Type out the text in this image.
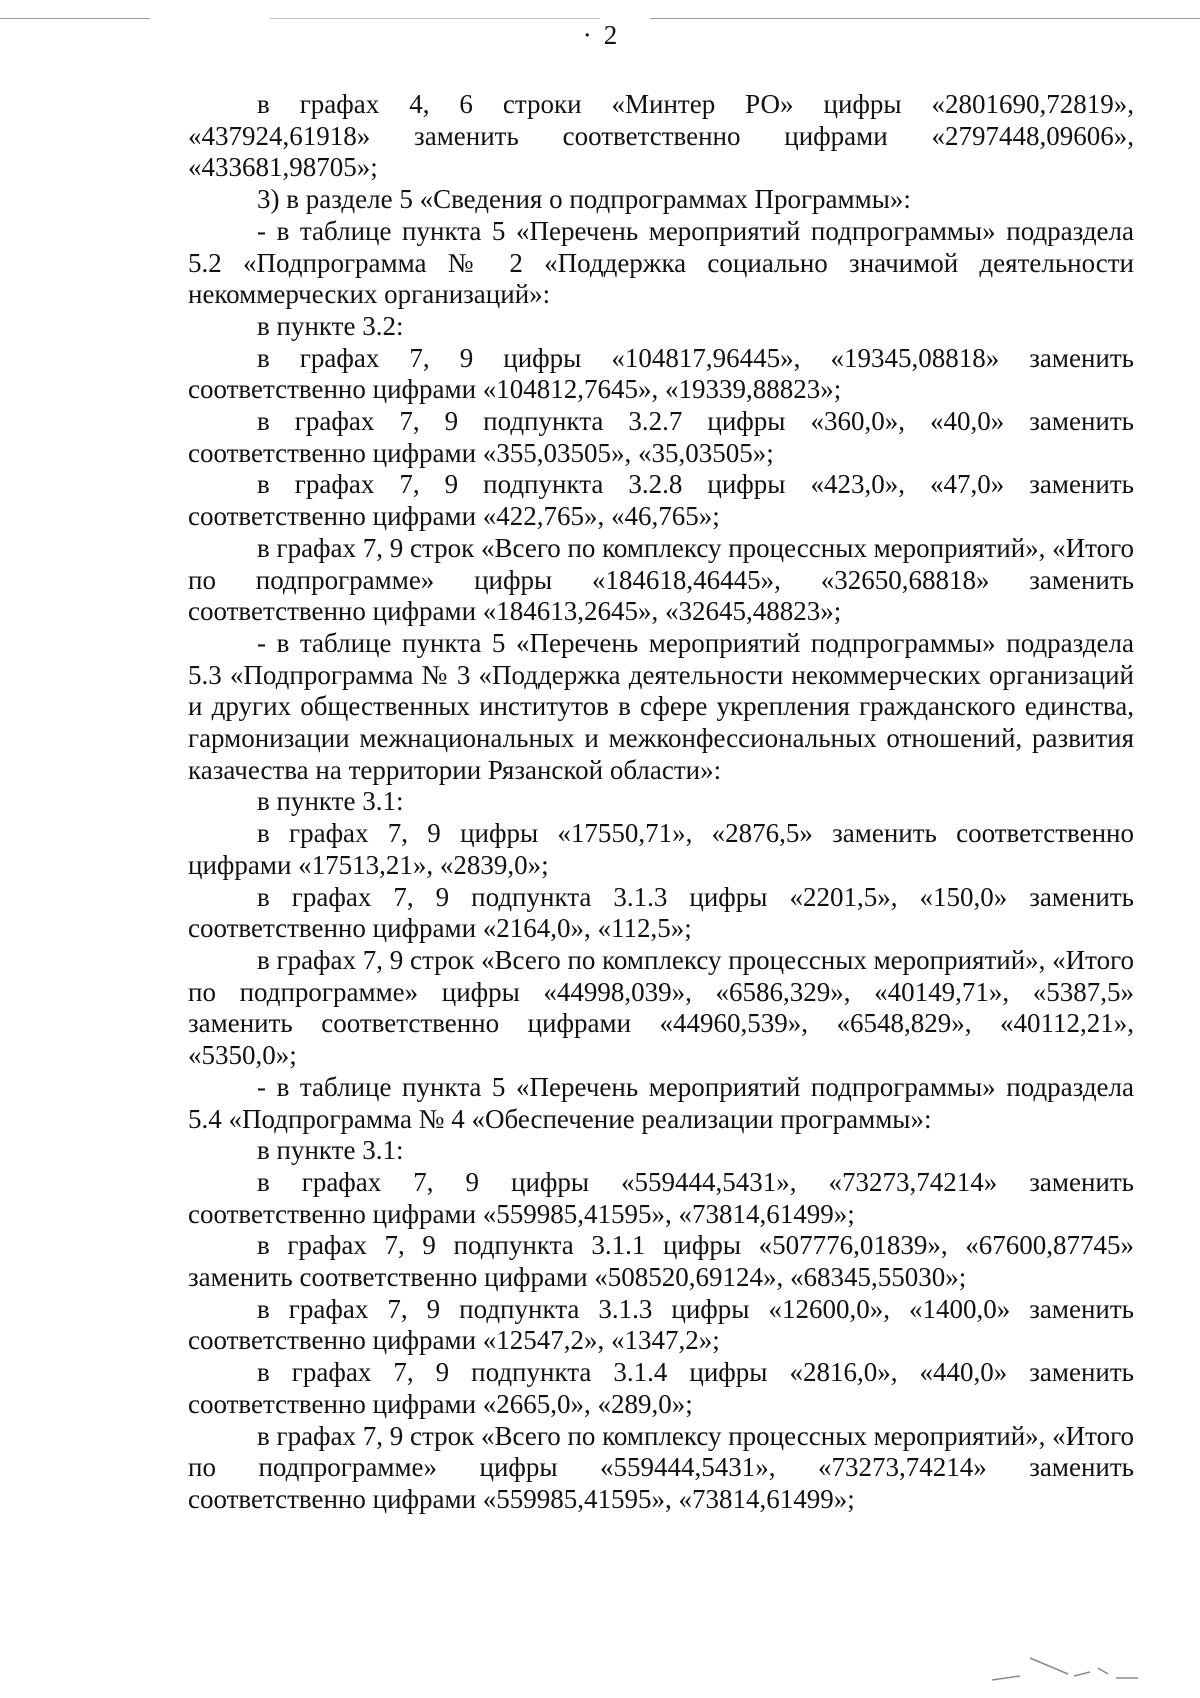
· 2

в графах 4, 6 строки «Минтер РО» цифры «2801690,72819», «437924,61918» заменить соответственно цифрами «2797448,09606», «433681,98705»;

3) в разделе 5 «Сведения о подпрограммах Программы»:

- в таблице пункта 5 «Перечень мероприятий подпрограммы» подраздела 5.2 «Подпрограмма № 2 «Поддержка социально значимой деятельности некоммерческих организаций»:

в пункте 3.2:

в графах 7, 9 цифры «104817,96445», «19345,08818» заменить соответственно цифрами «104812,7645», «19339,88823»;

в графах 7, 9 подпункта 3.2.7 цифры «360,0», «40,0» заменить соответственно цифрами «355,03505», «35,03505»;

в графах 7, 9 подпункта 3.2.8 цифры «423,0», «47,0» заменить соответственно цифрами «422,765», «46,765»;

в графах 7, 9 строк «Всего по комплексу процессных мероприятий», «Итого по подпрограмме» цифры «184618,46445», «32650,68818» заменить соответственно цифрами «184613,2645», «32645,48823»;

- в таблице пункта 5 «Перечень мероприятий подпрограммы» подраздела 5.3 «Подпрограмма № 3 «Поддержка деятельности некоммерческих организаций и других общественных институтов в сфере укрепления гражданского единства, гармонизации межнациональных и межконфессиональных отношений, развития казачества на территории Рязанской области»:

в пункте 3.1:

в графах 7, 9 цифры «17550,71», «2876,5» заменить соответственно цифрами «17513,21», «2839,0»;

в графах 7, 9 подпункта 3.1.3 цифры «2201,5», «150,0» заменить соответственно цифрами «2164,0», «112,5»;

в графах 7, 9 строк «Всего по комплексу процессных мероприятий», «Итого по подпрограмме» цифры «44998,039», «6586,329», «40149,71», «5387,5» заменить соответственно цифрами «44960,539», «6548,829», «40112,21», «5350,0»;

- в таблице пункта 5 «Перечень мероприятий подпрограммы» подраздела 5.4 «Подпрограмма № 4 «Обеспечение реализации программы»:

в пункте 3.1:

в графах 7, 9 цифры «559444,5431», «73273,74214» заменить соответственно цифрами «559985,41595», «73814,61499»;

в графах 7, 9 подпункта 3.1.1 цифры «507776,01839», «67600,87745» заменить соответственно цифрами «508520,69124», «68345,55030»;

в графах 7, 9 подпункта 3.1.3 цифры «12600,0», «1400,0» заменить соответственно цифрами «12547,2», «1347,2»;

в графах 7, 9 подпункта 3.1.4 цифры «2816,0», «440,0» заменить соответственно цифрами «2665,0», «289,0»;

в графах 7, 9 строк «Всего по комплексу процессных мероприятий», «Итого по подпрограмме» цифры «559444,5431», «73273,74214» заменить соответственно цифрами «559985,41595», «73814,61499»;
